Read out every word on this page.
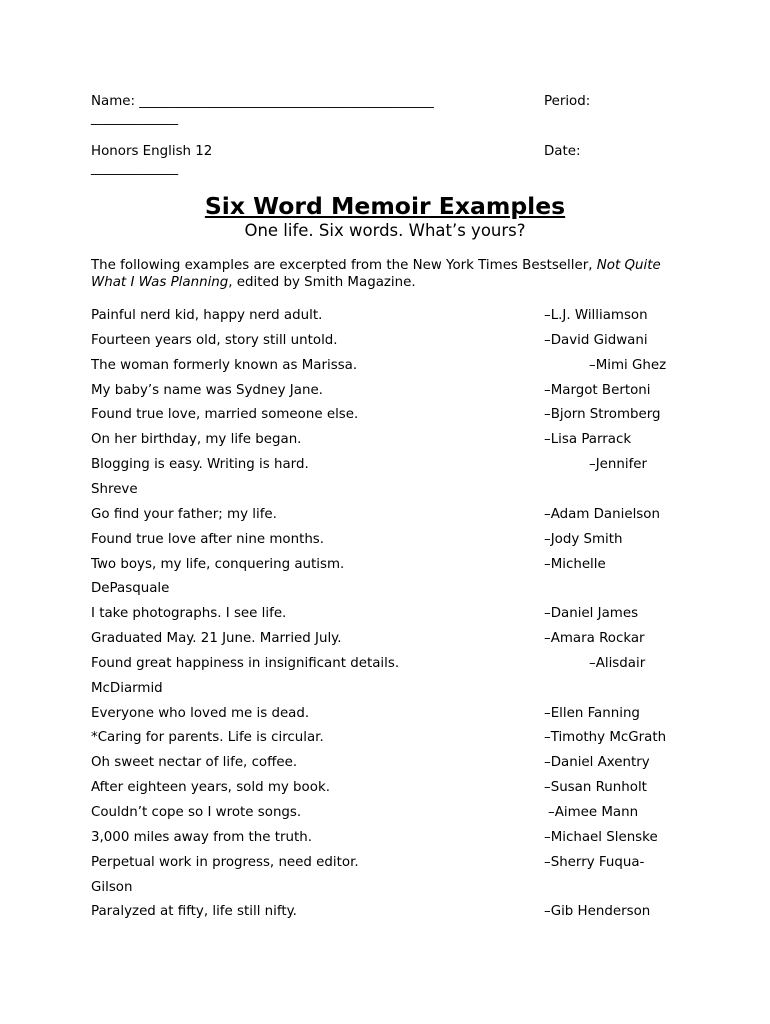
Name: ____________________________________________
_____________
Period:
Honors English 12
_____________
Date:
Six Word Memoir Examples
One life. Six words. What’s yours?
The following examples are excerpted from the New York Times Bestseller, Not Quite What I Was Planning, edited by Smith Magazine.
Painful nerd kid, happy nerd adult.	–L.J. Williamson
Fourteen years old, story still untold.	–David Gidwani
The woman formerly known as Marissa.	–Mimi Ghez
My baby’s name was Sydney Jane.	–Margot Bertoni
Found true love, married someone else.	–Bjorn Stromberg
On her birthday, my life began.	–Lisa Parrack
Blogging is easy. Writing is hard.	–Jennifer
Shreve
Go find your father; my life.	–Adam Danielson
Found true love after nine months.	–Jody Smith
Two boys, my life, conquering autism.	–Michelle
DePasquale
I take photographs. I see life.	–Daniel James
Graduated May. 21 June. Married July.	–Amara Rockar
Found great happiness in insignificant details.	–Alisdair
McDiarmid
Everyone who loved me is dead.	–Ellen Fanning
*Caring for parents. Life is circular.	–Timothy McGrath
Oh sweet nectar of life, coffee.	–Daniel Axentry
After eighteen years, sold my book.	–Susan Runholt
Couldn’t cope so I wrote songs.	–Aimee Mann
3,000 miles away from the truth.	–Michael Slenske
Perpetual work in progress, need editor.	–Sherry Fuqua-
Gilson
Paralyzed at fifty, life still nifty.	–Gib Henderson
